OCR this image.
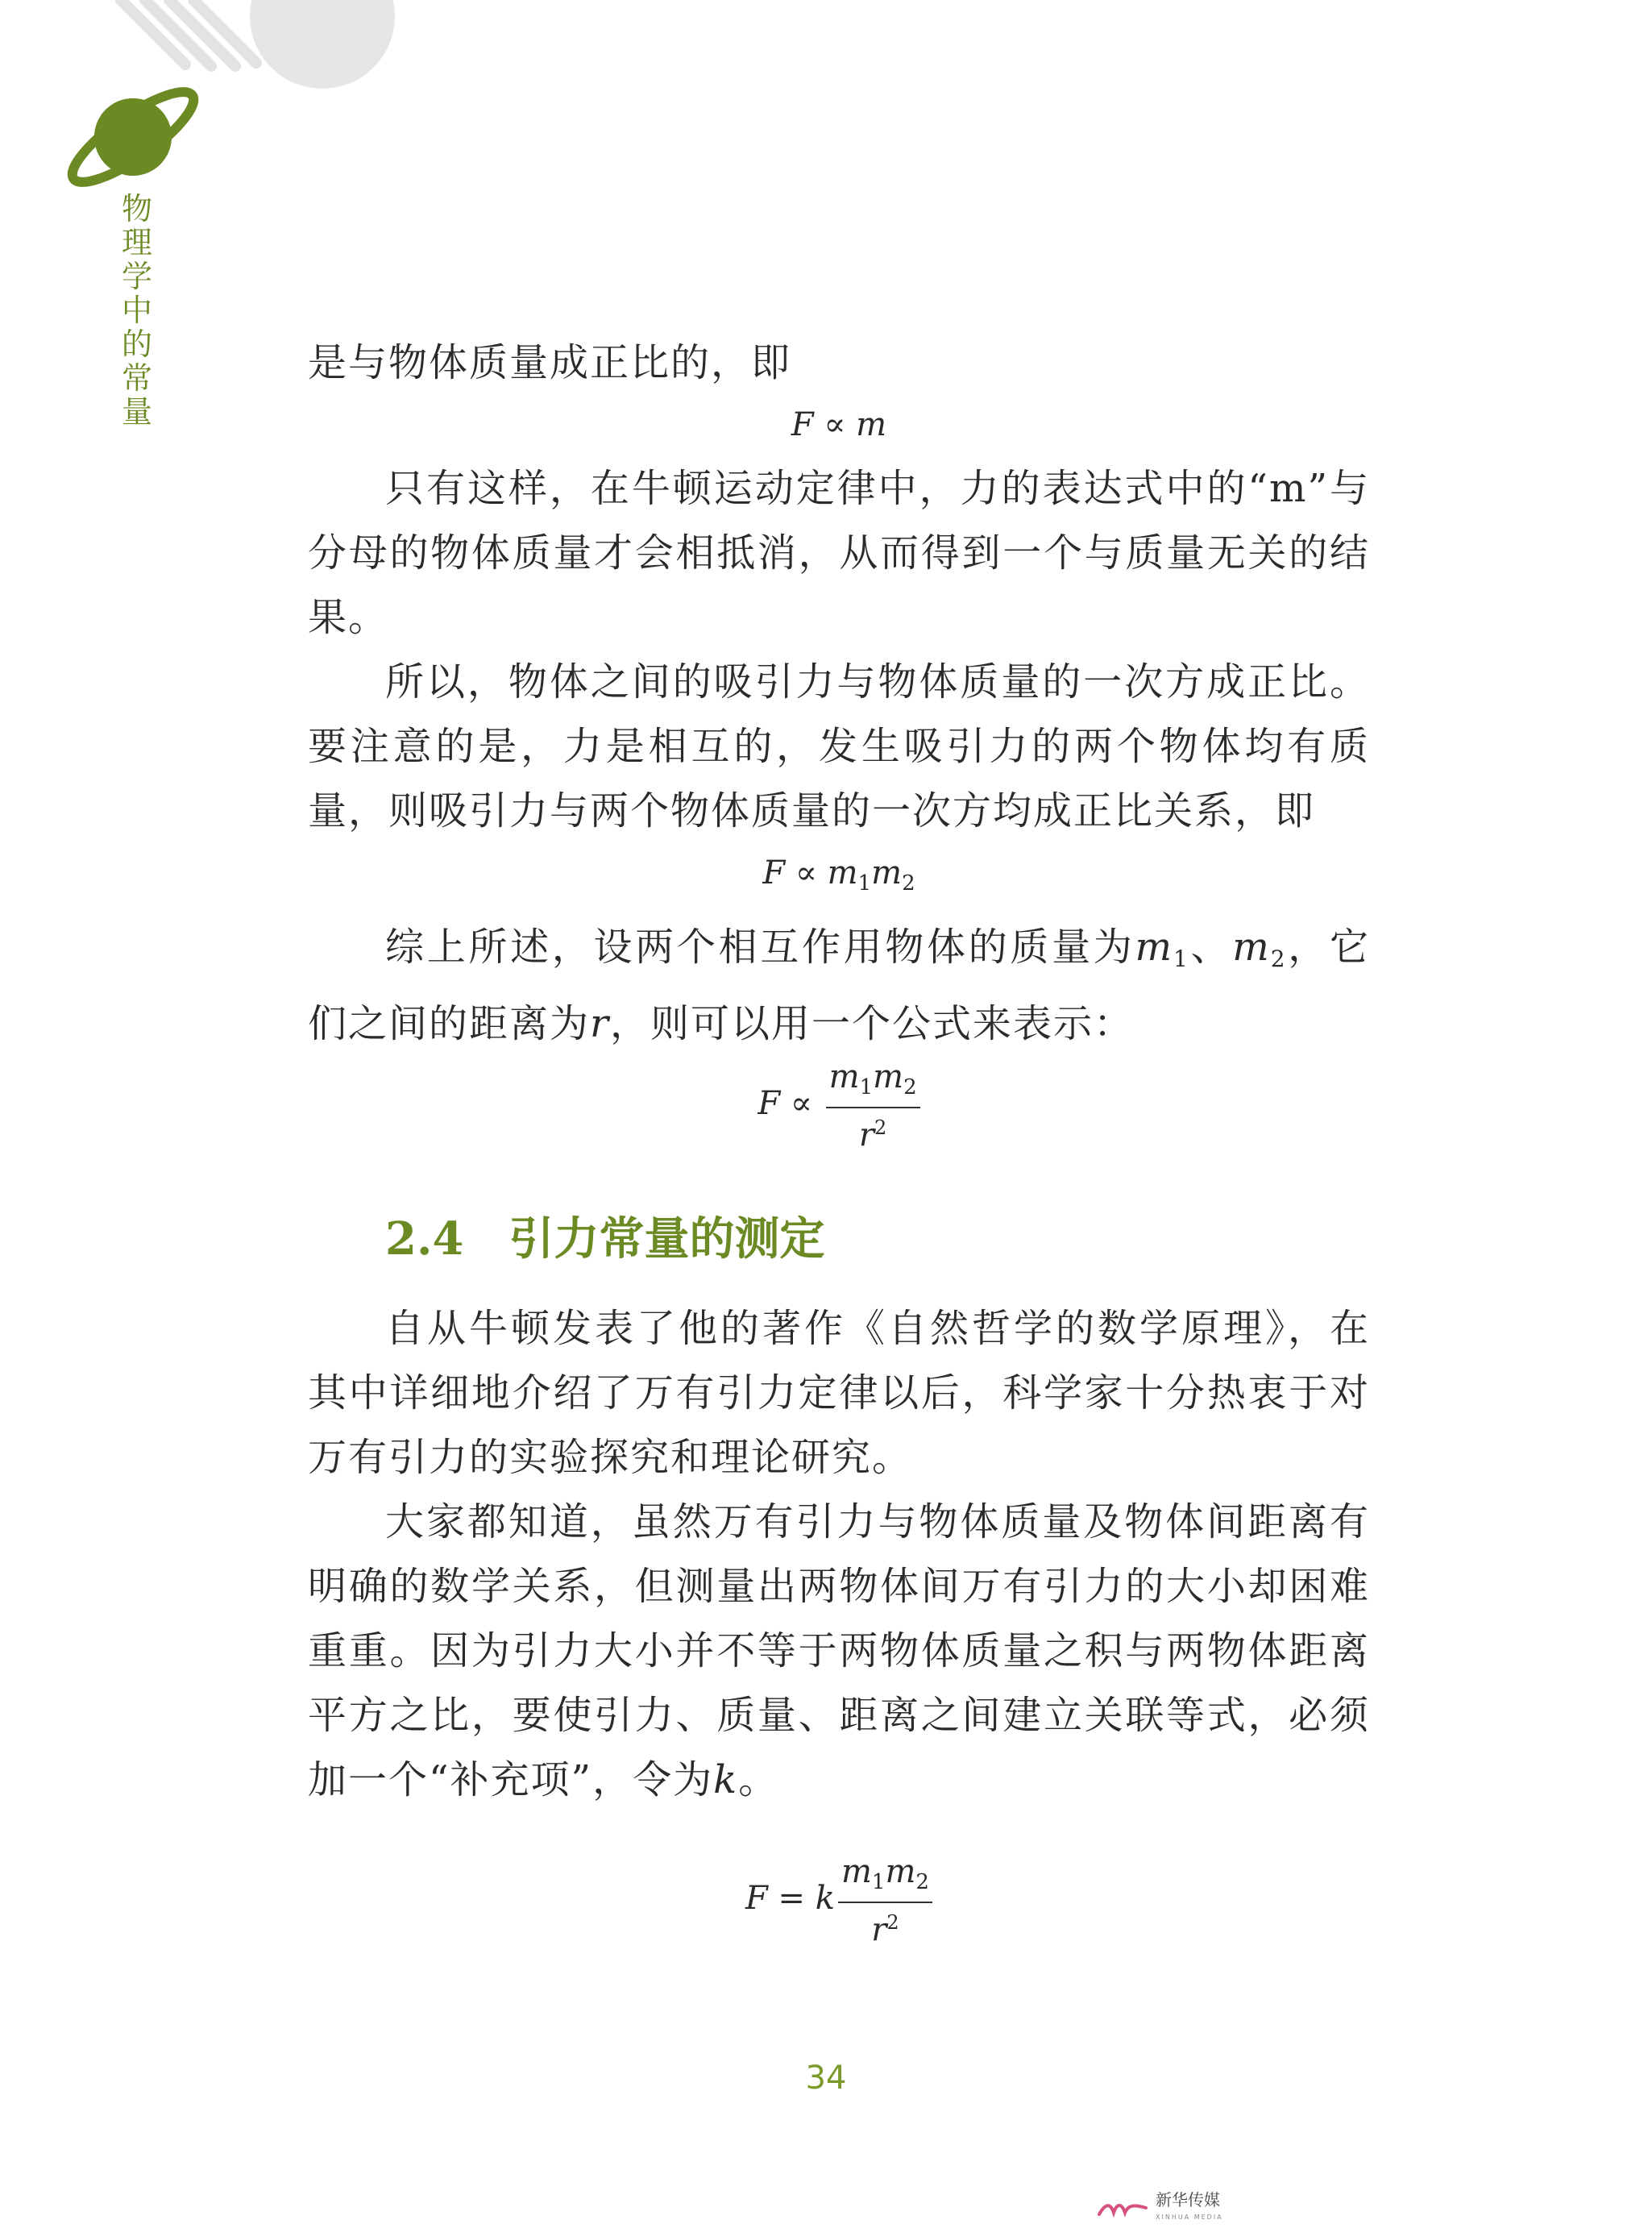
物
理
学
中
的
常
量

是与物体质量成正比的，即

F ∝ m

只有这样，在牛顿运动定律中，力的表达式中的“m”与分母的物体质量才会相抵消，从而得到一个与质量无关的结果。

所以，物体之间的吸引力与物体质量的一次方成正比。要注意的是，力是相互的，发生吸引力的两个物体均有质量，则吸引力与两个物体质量的一次方均成正比关系，即

$F \propto m_1m_2$

综上所述，设两个相互作用物体的质量为m1、m2，它们之间的距离为r，则可以用一个公式来表示：

$F \propto \frac{m_1m_2}{r^2}$
2.4 引力常量的测定

自从牛顿发表了他的著作《自然哲学的数学原理》，在其中详细地介绍了万有引力定律以后，科学家十分热衷于对万有引力的实验探究和理论研究。

大家都知道，虽然万有引力与物体质量及物体间距离有明确的数学关系，但测量出两物体间万有引力的大小却困难重重。因为引力大小并不等于两物体质量之积与两物体距离平方之比，要使引力、质量、距离之间建立关联等式，必须加一个“补充项”，令为k。

F = k $\frac{m_1m_2}{r^2}$
34
新华传媒
XINHUA MEDIA
